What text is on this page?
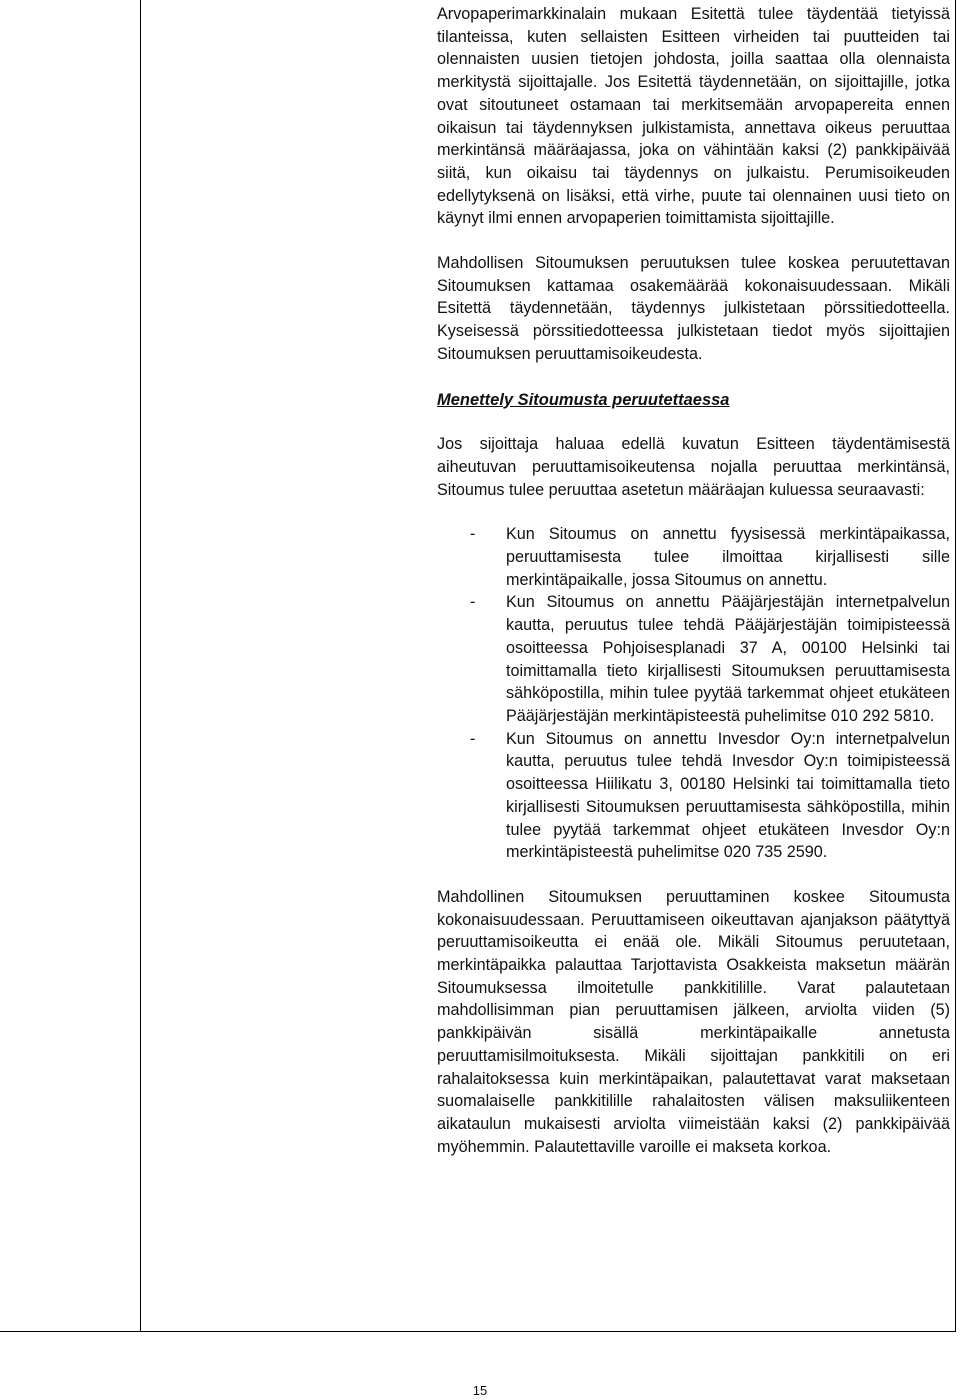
Arvopaperimarkkinalain mukaan Esitettä tulee täydentää tietyissä tilanteissa, kuten sellaisten Esitteen virheiden tai puutteiden tai olennaisten uusien tietojen johdosta, joilla saattaa olla olennaista merkitystä sijoittajalle. Jos Esitettä täydennetään, on sijoittajille, jotka ovat sitoutuneet ostamaan tai merkitsemään arvopapereita ennen oikaisun tai täydennyksen julkistamista, annettava oikeus peruuttaa merkintänsä määräajassa, joka on vähintään kaksi (2) pankkipäivää siitä, kun oikaisu tai täydennys on julkaistu. Perumisoikeuden edellytyksenä on lisäksi, että virhe, puute tai olennainen uusi tieto on käynyt ilmi ennen arvopaperien toimittamista sijoittajille.

Mahdollisen Sitoumuksen peruutuksen tulee koskea peruutettavan Sitoumuksen kattamaa osakemäärää kokonaisuudessaan. Mikäli Esitettä täydennetään, täydennys julkistetaan pörssitiedotteella. Kyseisessä pörssitiedotteessa julkistetaan tiedot myös sijoittajien Sitoumuksen peruuttamisoikeudesta.

Menettely Sitoumusta peruutettaessa

Jos sijoittaja haluaa edellä kuvatun Esitteen täydentämisestä aiheutuvan peruuttamisoikeutensa nojalla peruuttaa merkintänsä, Sitoumus tulee peruuttaa asetetun määräajan kuluessa seuraavasti:

- Kun Sitoumus on annettu fyysisessä merkintäpaikassa, peruuttamisesta tulee ilmoittaa kirjallisesti sille merkintäpaikalle, jossa Sitoumus on annettu.
- Kun Sitoumus on annettu Pääjärjestäjän internetpalvelun kautta, peruutus tulee tehdä Pääjärjestäjän toimipisteessä osoitteessa Pohjoisesplanadi 37 A, 00100 Helsinki tai toimittamalla tieto kirjallisesti Sitoumuksen peruuttamisesta sähköpostilla, mihin tulee pyytää tarkemmat ohjeet etukäteen Pääjärjestäjän merkintäpisteestä puhelimitse 010 292 5810.
- Kun Sitoumus on annettu Invesdor Oy:n internetpalvelun kautta, peruutus tulee tehdä Invesdor Oy:n toimipisteessä osoitteessa Hiilikatu 3, 00180 Helsinki tai toimittamalla tieto kirjallisesti Sitoumuksen peruuttamisesta sähköpostilla, mihin tulee pyytää tarkemmat ohjeet etukäteen Invesdor Oy:n merkintäpisteestä puhelimitse 020 735 2590.

Mahdollinen Sitoumuksen peruuttaminen koskee Sitoumusta kokonaisuudessaan. Peruuttamiseen oikeuttavan ajanjakson päätyttyä peruuttamisoikeutta ei enää ole. Mikäli Sitoumus peruutetaan, merkintäpaikka palauttaa Tarjottavista Osakkeista maksetun määrän Sitoumuksessa ilmoitetulle pankkitilille. Varat palautetaan mahdollisimman pian peruuttamisen jälkeen, arviolta viiden (5) pankkipäivän sisällä merkintäpaikalle annetusta peruuttamisilmoituksesta. Mikäli sijoittajan pankkitili on eri rahalaitoksessa kuin merkintäpaikan, palautettavat varat maksetaan suomalaiselle pankkitilille rahalaitosten välisen maksuliikenteen aikataulun mukaisesti arviolta viimeistään kaksi (2) pankkipäivää myöhemmin. Palautettaville varoille ei makseta korkoa.

15
